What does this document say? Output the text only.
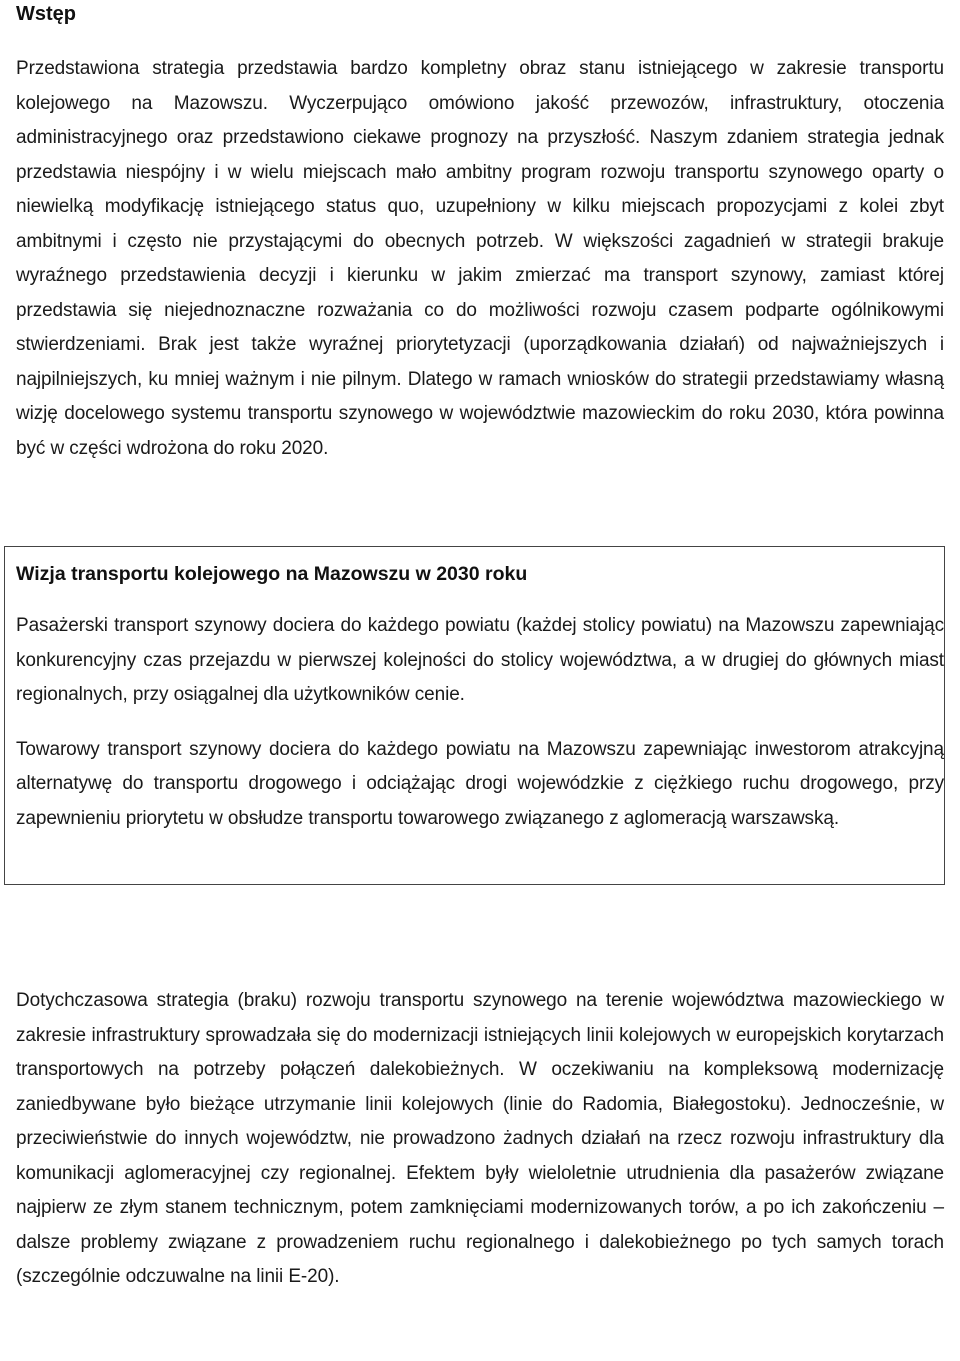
Wstęp

Przedstawiona strategia przedstawia bardzo kompletny obraz stanu istniejącego w zakresie transportu kolejowego na Mazowszu. Wyczerpująco omówiono jakość przewozów, infrastruktury, otoczenia administracyjnego oraz przedstawiono ciekawe prognozy na przyszłość. Naszym zdaniem strategia jednak przedstawia niespójny i w wielu miejscach mało ambitny program rozwoju transportu szynowego oparty o niewielką modyfikację istniejącego status quo, uzupełniony w kilku miejscach propozycjami z kolei zbyt ambitnymi i często nie przystającymi do obecnych potrzeb. W większości zagadnień w strategii brakuje wyraźnego przedstawienia decyzji i kierunku w jakim zmierzać ma transport szynowy, zamiast której przedstawia się niejednoznaczne rozważania co do możliwości rozwoju czasem podparte ogólnikowymi stwierdzeniami. Brak jest także wyraźnej priorytetyzacji (uporządkowania działań) od najważniejszych i najpilniejszych, ku mniej ważnym i nie pilnym. Dlatego w ramach wniosków do strategii przedstawiamy własną wizję docelowego systemu transportu szynowego w województwie mazowieckim do roku 2030, która powinna być w części wdrożona do roku 2020.

Wizja transportu kolejowego na Mazowszu w 2030 roku

Pasażerski transport szynowy dociera do każdego powiatu (każdej stolicy powiatu) na Mazowszu zapewniając konkurencyjny czas przejazdu w pierwszej kolejności do stolicy województwa, a w drugiej do głównych miast regionalnych, przy osiągalnej dla użytkowników cenie.

Towarowy transport szynowy dociera do każdego powiatu na Mazowszu zapewniając inwestorom atrakcyjną alternatywę do transportu drogowego i odciążając drogi wojewódzkie z ciężkiego ruchu drogowego, przy zapewnieniu priorytetu w obsłudze transportu towarowego związanego z aglomeracją warszawską.

Dotychczasowa strategia (braku) rozwoju transportu szynowego na terenie województwa mazowieckiego w zakresie infrastruktury sprowadzała się do modernizacji istniejących linii kolejowych w europejskich korytarzach transportowych na potrzeby połączeń dalekobieżnych. W oczekiwaniu na kompleksową modernizację zaniedbywane było bieżące utrzymanie linii kolejowych (linie do Radomia, Białegostoku). Jednocześnie, w przeciwieństwie do innych województw, nie prowadzono żadnych działań na rzecz rozwoju infrastruktury dla komunikacji aglomeracyjnej czy regionalnej. Efektem były wieloletnie utrudnienia dla pasażerów związane najpierw ze złym stanem technicznym, potem zamknięciami modernizowanych torów, a po ich zakończeniu – dalsze problemy związane z prowadzeniem ruchu regionalnego i dalekobieżnego po tych samych torach (szczególnie odczuwalne na linii E-20).
